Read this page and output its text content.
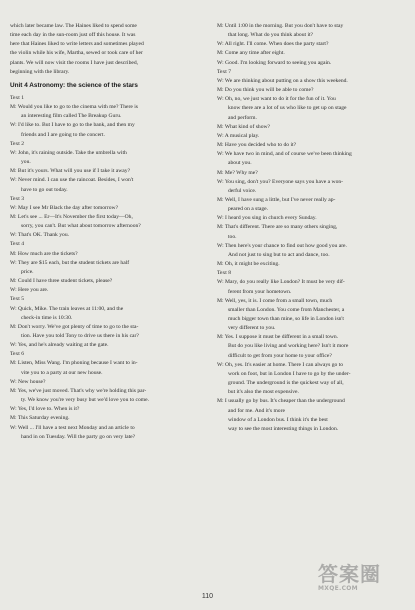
which later became law. The Haines liked to spend some
time each day in the sun-room just off this house. It was
here that Haines liked to write letters and sometimes played
the violin while his wife, Martha, sewed or took care of her
plants. We will now visit the rooms I have just described,
beginning with the library.
Unit 4 Astronomy: the science of the stars
Text 1
M: Would you like to go to the cinema with me? There is
an interesting film called The Breakup Guru.
W: I'd like to. But I have to go to the bank, and then my
friends and I are going to the concert.
Text 2
W: John, it's raining outside. Take the umbrella with
you.
M: But it's yours. What will you use if I take it away?
W: Never mind. I can use the raincoat. Besides, I won't
have to go out today.
Text 3
W: May I see Mr Black the day after tomorrow?
M: Let's see ... Er—It's November the first today—Oh,
sorry, you can't. But what about tomorrow afternoon?
W: That's OK. Thank you.
Text 4
M: How much are the tickets?
W: They are $15 each, but the student tickets are half
price.
M: Could I have three student tickets, please?
W: Here you are.
Text 5
W: Quick, Mike. The train leaves at 11:00, and the
check-in time is 10:30.
M: Don't worry. We've got plenty of time to go to the sta-
tion. Have you told Tony to drive us there in his car?
W: Yes, and he's already waiting at the gate.
Text 6
M: Listen, Miss Wang. I'm phoning because I want to in-
vite you to a party at our new house.
W: New house?
M: Yes, we've just moved. That's why we're holding this par-
ty. We know you're very busy but we'd love you to come.
W: Yes, I'd love to. When is it?
M: This Saturday evening.
W: Well ... I'll have a test next Monday and an article to
hand in on Tuesday. Will the party go on very late?
M: Until 1:00 in the morning. But you don't have to stay
that long. What do you think about it?
W: All right. I'll come. When does the party start?
M: Come any time after eight.
W: Good. I'm looking forward to seeing you again.
Text 7
W: We are thinking about putting on a show this weekend.
M: Do you think you will be able to come?
W: Oh, no, we just want to do it for the fun of it. You
know there are a lot of us who like to get up on stage
and perform.
M: What kind of show?
W: A musical play.
M: Have you decided who to do it?
W: We have two in mind, and of course we've been thinking
about you.
M: Me? Why me?
W: You sing, don't you? Everyone says you have a won-
derful voice.
M: Well, I have sung a little, but I've never really ap-
peared on a stage.
W: I heard you sing in church every Sunday.
M: That's different. There are so many others singing,
too.
W: Then here's your chance to find out how good you are.
And not just to sing but to act and dance, too.
M: Oh, it might be exciting.
Text 8
W: Mary, do you really like London? It must be very dif-
ferent from your hometown.
M: Well, yes, it is. I come from a small town, much
smaller than London. You come from Manchester, a
much bigger town than mine, so life in London isn't
very different to you.
M: Yes. I suppose it must be different in a small town.
But do you like living and working here? Isn't it more
difficult to get from your home to your office?
W: Oh, yes. It's easier at home. There I can always go to
work on foot, but in London I have to go by the under-
ground. The underground is the quickest way of all,
but it's also the most expensive.
M: I usually go by bus. It's cheaper than the underground
and for me. And it's more
window of a London bus. I think it's the best
way to see the most interesting things in London.
110
答案圈
MXQE.COM
